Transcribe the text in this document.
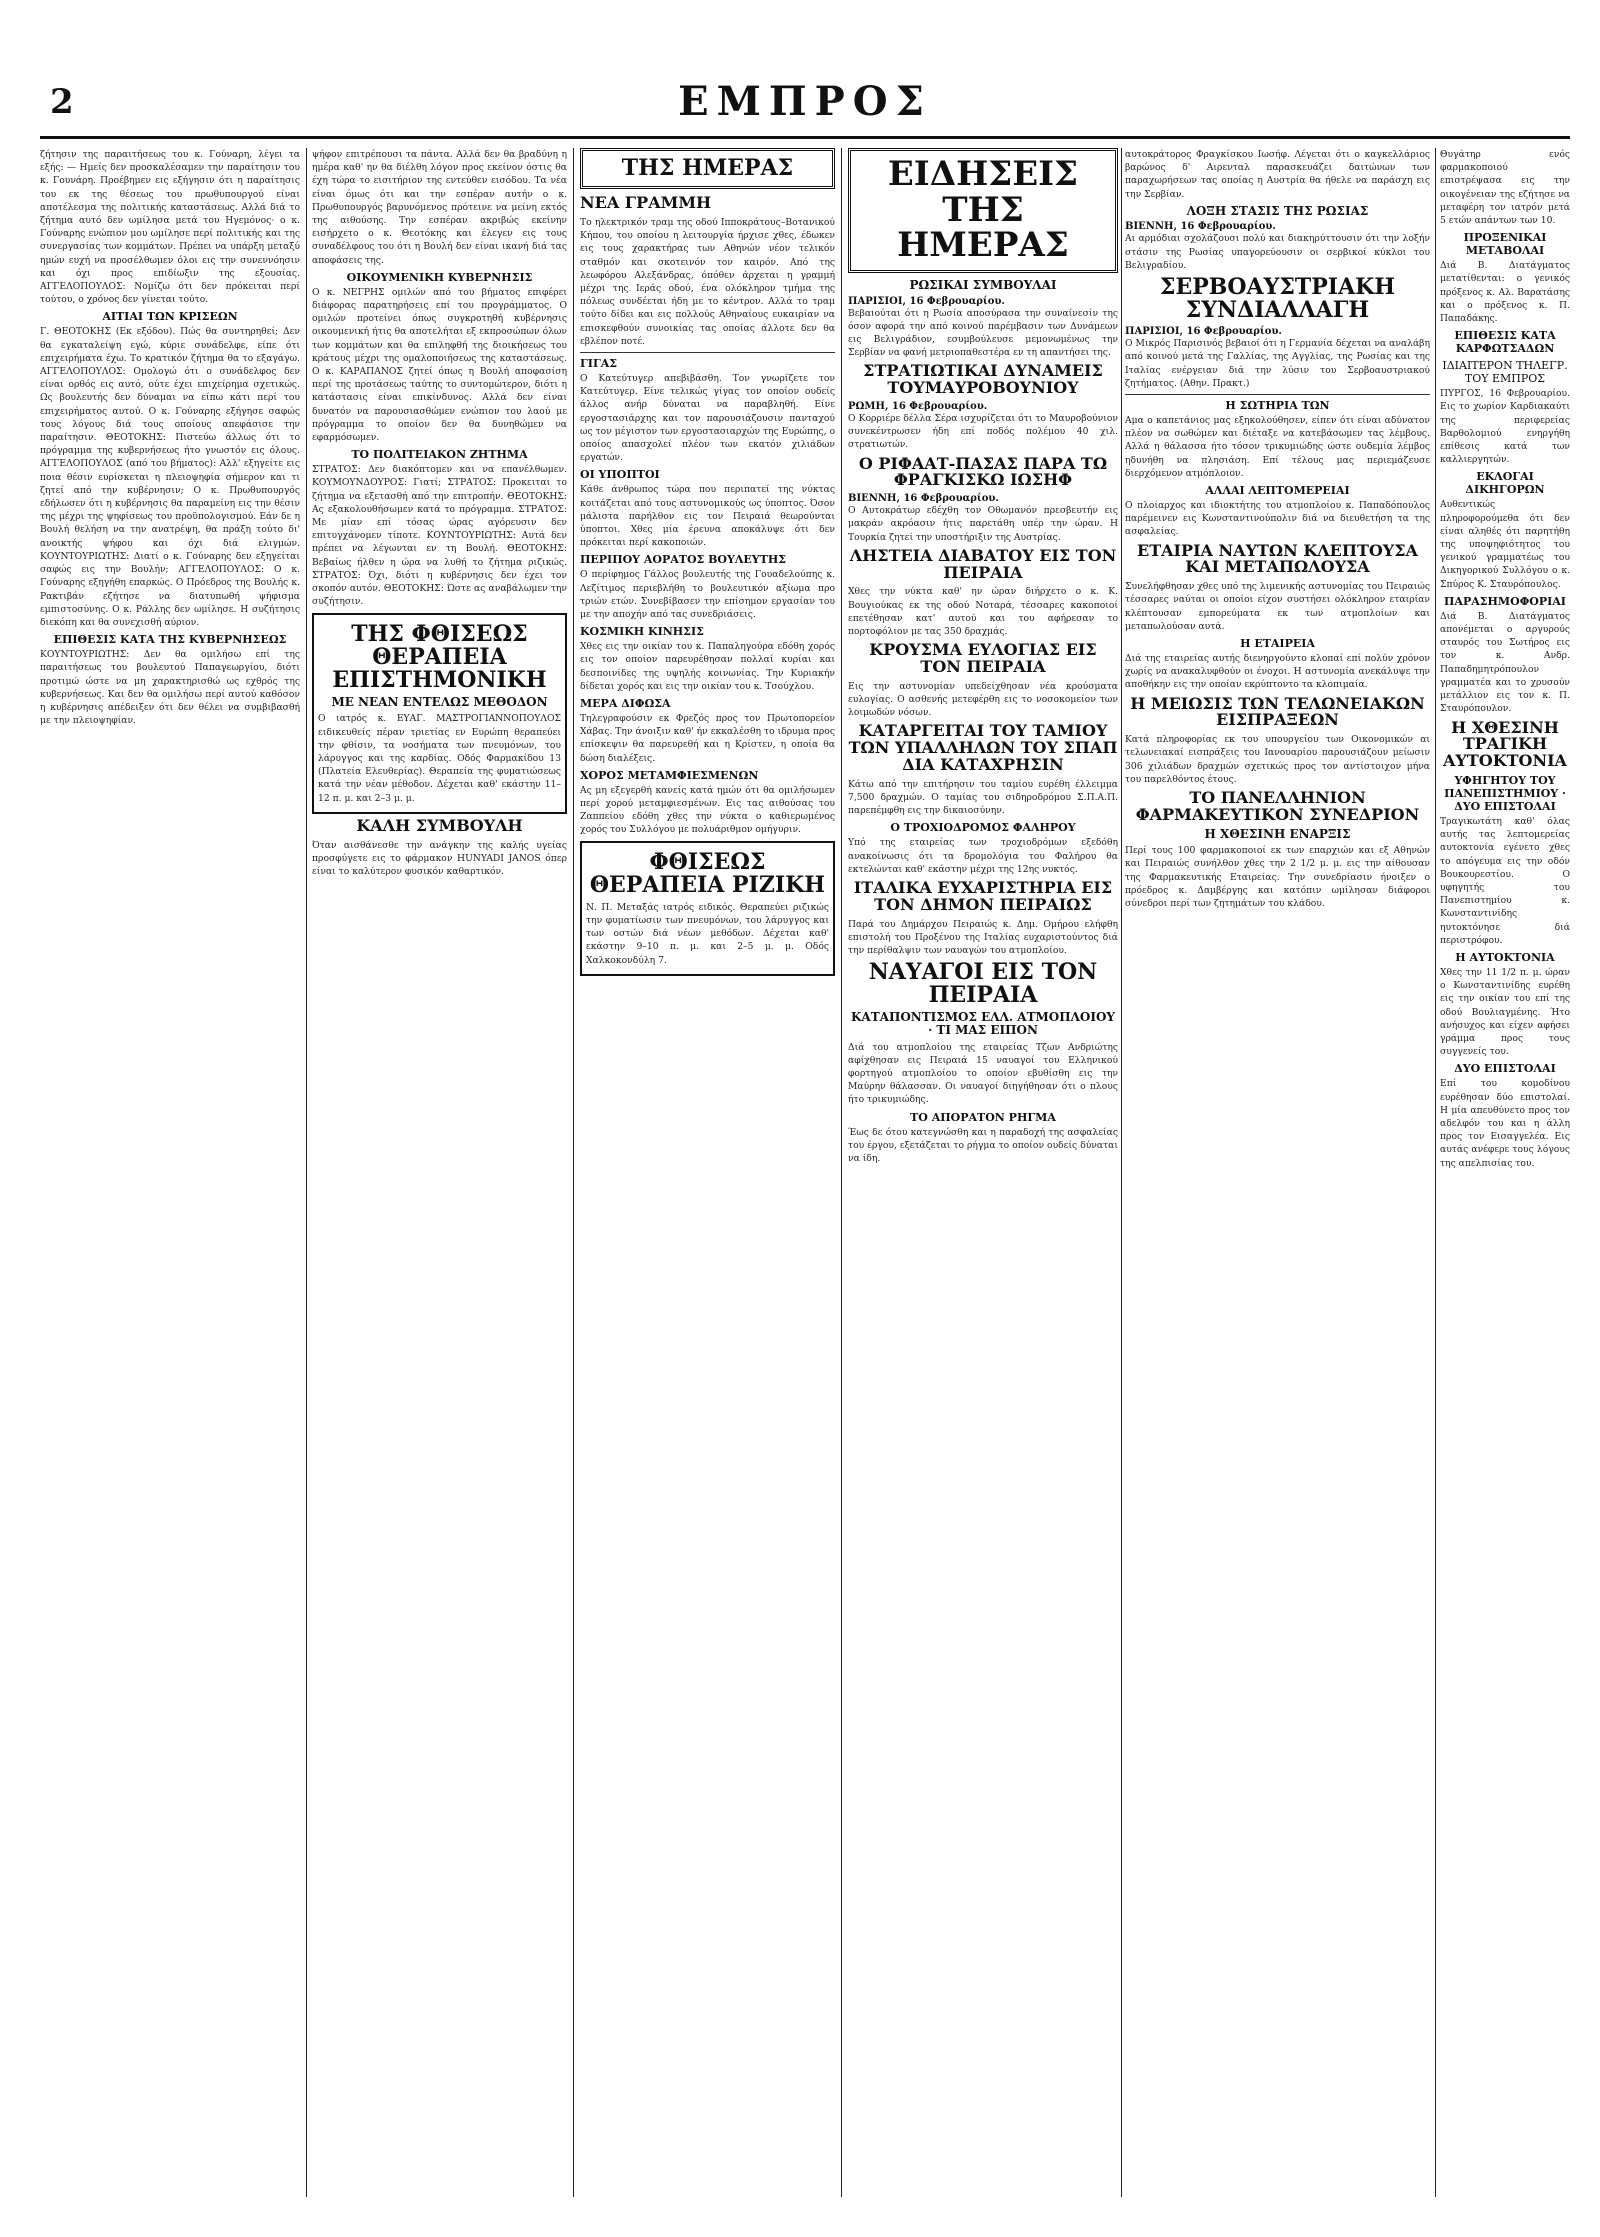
2	ΕΜΠΡΟΣ

ζήτησιν της παραιτήσεως του κ. Γούναρη, λέγει τα εξής: — Ημείς δεν προσκαλέσαμεν την παραίτησιν του κ. Γουνάρη. Προέβημεν εις εξήγησιν ότι η παραίτησις του εκ της θέσεως του πρωθυπουργού είναι αποτέλεσμα της πολιτικής καταστάσεως. Αλλά διά το ζήτημα αυτό δεν ωμίλησα μετά του Ηγεμόνος· ο κ. Γούναρης ενώπιον μου ωμίλησε περί πολιτικής και της συνεργασίας των κομμάτων. Πρέπει να υπάρξη μεταξύ ημών ευχή να προσέλθωμεν όλοι εις την συνεννόησιν και όχι προς επιδίωξιν της εξουσίας. ΑΓΓΕΛΟΠΟΥΛΟΣ: Νομίζω ότι δεν πρόκειται περί τούτου, ο χρόνος δεν γίνεται τούτο.

ΑΙΤΙΑΙ ΤΩΝ ΚΡΙΣΕΩΝ

Γ. ΘΕΟΤΟΚΗΣ (Εκ εξόδου). Πώς θα συντηρηθεί; Δεν θα εγκαταλείψη εγώ, κύριε συνάδελφε, είπε ότι επιχειρήματα έχω. Το κρατικόν ζήτημα θα το εξαγάγω. ΑΓΓΕΛΟΠΟΥΛΟΣ: Ομολογώ ότι ο συνάδελφος δεν είναι ορθός εις αυτό, ούτε έχει επιχείρημα σχετικώς. Ως βουλευτής δεν δύναμαι να είπω κάτι περί του επιχειρήματος αυτού. Ο κ. Γούναρης εξήγησε σαφώς τους λόγους διά τους οποίους απεφάσισε την παραίτησιν. ΘΕΟΤΟΚΗΣ: Πιστεύω άλλως ότι το πρόγραμμα της κυβερνήσεως ήτο γνωστόν εις όλους. ΑΓΓΕΛΟΠΟΥΛΟΣ (από του βήματος): Αλλ' εξηγείτε εις ποια θέσιν ευρίσκεται η πλειοψηφία σήμερον και τι ζητεί από την κυβέρνησιν; Ο κ. Πρωθυπουργός εδήλωσεν ότι η κυβέρνησις θα παραμείνη εις την θέσιν της μέχρι της ψηφίσεως του προϋπολογισμού. Εάν δε η Βουλή θελήση να την ανατρέψη, θα πράξη τούτο δι' ανοικτής ψήφου και όχι διά ελιγμών. ΚΟΥΝΤΟΥΡΙΩΤΗΣ: Διατί ο κ. Γούναρης δεν εξηγείται σαφώς εις την Βουλήν; ΑΓΓΕΛΟΠΟΥΛΟΣ: Ο κ. Γούναρης εξηγήθη επαρκώς. Ο Πρόεδρος της Βουλής κ. Ρακτιβάν εζήτησε να διατυπωθή ψήφισμα εμπιστοσύνης. Ο κ. Ράλλης δεν ωμίλησε. Η συζήτησις διεκόπη και θα συνεχισθή αύριον.

ΕΠΙΘΕΣΙΣ ΚΑΤΑ ΤΗΣ ΚΥΒΕΡΝΗΣΕΩΣ

ΚΟΥΝΤΟΥΡΙΩΤΗΣ: Δεν θα ομιλήσω επί της παραιτήσεως του βουλευτού Παπαγεωργίου, διότι προτιμώ ώστε να μη χαρακτηρισθώ ως εχθρός της κυβερνήσεως. Και δεν θα ομιλήσω περί αυτού καθόσον η κυβέρνησις απέδειξεν ότι δεν θέλει να συμβιβασθή με την πλειοψηφίαν.

ψήφον επιτρέπουσι τα πάντα. Αλλά δεν θα βραδύνη η ημέρα καθ' ην θα διέλθη λόγον προς εκείνον όστις θα έχη τώρα το εισιτήριον της εντεύθεν εισόδου. Τα νέα είναι όμως ότι και την εσπέραν αυτήν ο κ. Πρωθυπουργός βαρυνόμενος πρότεινε να μείνη εκτός της αιθούσης. Την εσπέραν ακριβώς εκείνην εισήρχετο ο κ. Θεοτόκης και έλεγεν εις τους συναδέλφους του ότι η Βουλή δεν είναι ικανή διά τας αποφάσεις της.

ΟΙΚΟΥΜΕΝΙΚΗ ΚΥΒΕΡΝΗΣΙΣ

Ο κ. ΝΕΓΡΗΣ ομιλών από του βήματος επιφέρει διάφορας παρατηρήσεις επί του προγράμματος. Ο ομιλών προτείνει όπως συγκροτηθή κυβέρνησις οικουμενική ήτις θα αποτελήται εξ εκπροσώπων όλων των κομμάτων και θα επιληφθή της διοικήσεως του κράτους μέχρι της ομαλοποιήσεως της καταστάσεως. Ο κ. ΚΑΡΑΠΑΝΟΣ ζητεί όπως η Βουλή αποφασίση περί της προτάσεως ταύτης το συντομώτερον, διότι η κατάστασις είναι επικίνδυνος. Αλλά δεν είναι δυνατόν να παρουσιασθώμεν ενώπιον του λαού με πρόγραμμα το οποίον δεν θα δυνηθώμεν να εφαρμόσωμεν.

ΤΟ ΠΟΛΙΤΕΙΑΚΟΝ ΖΗΤΗΜΑ

ΣΤΡΑΤΟΣ: Δεν διακόπτομεν και να επανέλθωμεν. ΚΟΥΜΟΥΝΔΟΥΡΟΣ: Γιατί; ΣΤΡΑΤΟΣ: Προκειται το ζήτημα να εξετασθή από την επιτροπήν. ΘΕΟΤΟΚΗΣ: Ας εξακολουθήσωμεν κατά το πρόγραμμα. ΣΤΡΑΤΟΣ: Με μίαν επί τόσας ώρας αγόρευσιν δεν επιτυγχάνομεν τίποτε. ΚΟΥΝΤΟΥΡΙΩΤΗΣ: Αυτά δεν πρέπει να λέγωνται εν τη Βουλή. ΘΕΟΤΟΚΗΣ: Βεβαίως ήλθεν η ώρα να λυθή το ζήτημα ριζικώς. ΣΤΡΑΤΟΣ: Όχι, διότι η κυβέρνησις δεν έχει τον σκοπόν αυτόν. ΘΕΟΤΟΚΗΣ: Ώστε ας αναβάλωμεν την συζήτησιν.

ΤΗΣ ΦΘΙΣΕΩΣ ΘΕΡΑΠΕΙΑ ΕΠΙΣΤΗΜΟΝΙΚΗ
ΜΕ ΝΕΑΝ ΕΝΤΕΛΩΣ ΜΕΘΟΔΟΝ

Ο ιατρός κ. ΕΥΑΓ. ΜΑΣΤΡΟΓΙΑΝΝΟΠΟΥΛΟΣ ειδικευθείς πέραν τριετίας εν Ευρώπη θεραπεύει την φθίσιν, τα νοσήματα των πνευμόνων, του λάρυγγος και της καρδίας. Οδός Φαρμακίδου 13 (Πλατεία Ελευθερίας). Θεραπεία της φυματιώσεως κατά την νέαν μέθοδον. Δέχεται καθ' εκάστην 11–12 π. μ. και 2–3 μ. μ.

ΚΑΛΗ ΣΥΜΒΟΥΛΗ

Όταν αισθάνεσθε την ανάγκην της καλής υγείας προσφύγετε εις το φάρμακον HUNYADI JANOS όπερ είναι το καλύτερον φυσικόν καθαρτικόν.

ΤΗΣ ΗΜΕΡΑΣ
ΝΕΑ ΓΡΑΜΜΗ

Το ηλεκτρικόν τραμ της οδού Ιπποκράτους–Βοτανικού Κήπου, του οποίου η λειτουργία ήρχισε χθες, έδωκεν εις τους χαρακτήρας των Αθηνών νέον τελικόν σταθμόν και σκοτεινόν τον καιρόν. Από της λεωφόρου Αλεξάνδρας, όπόθεν άρχεται η γραμμή μέχρι της Ιεράς οδού, ένα ολόκληρον τμήμα της πόλεως συνδέεται ήδη με το κέντρον. Αλλά το τραμ τούτο δίδει και εις πολλούς Αθηναίους ευκαιρίαν να επισκεφθούν συνοικίας τας οποίας άλλοτε δεν θα εβλέπον ποτέ.

ΓΙΓΑΣ

Ο Κατεύτυγερ απεβιβάσθη. Τον γνωρίζετε τον Κατεύτυγερ. Είνε τελικώς γίγας τον οποίον ουδείς άλλος ανήρ δύναται να παραβληθή. Είνε εργοστασιάρχης και τον παρουσιάζουσιν πανταχού ως τον μέγιστον των εργοστασιαρχών της Ευρώπης, ο οποίος απασχολεί πλέον των εκατόν χιλιάδων εργατών.

ΟΙ ΥΠΟΠΤΟΙ

Κάθε άνθρωπος τώρα που περιπατεί της νύκτας κοιτάζεται από τους αστυνομικούς ως ύποπτος. Όσον μάλιστα παρήλθον εις τον Πειραιά θεωρούνται ύποπτοι. Χθες μία έρευνα αποκάλυψε ότι δεν πρόκειται περί κακοποιών.

ΠΕΡΙΠΟΥ ΑΟΡΑΤΟΣ ΒΟΥΛΕΥΤΗΣ

Ο περίφημος Γάλλος βουλευτής της Γουαδελούπης κ. Λεζίτιμος περιεβλήθη το βουλευτικόν αξίωμα προ τριών ετών. Συνεβίβασεν την επίσημον εργασίαν του με την αποχήν από τας συνεδριάσεις.

ΚΟΣΜΙΚΗ ΚΙΝΗΣΙΣ

Χθες εις την οικίαν του κ. Παπαληγούρα εδόθη χορός εις τον οποίον παρευρέθησαν πολλαί κυρίαι και δεσποινίδες της υψηλής κοινωνίας. Την Κυριακήν δίδεται χορός και εις την οικίαν του κ. Τσούχλου.

ΜΕΡΑ ΔΙΦΩΣΑ

Τηλεγραφούσιν εκ Φρεζός προς τον Πρωτοπορείον Χάβας. Την άνοιξιν καθ' ήν εκκαλέσθη το ιδρυμα προς επίσκεψιν θα παρευρεθή και η Κρίστεν, η οποία θα δώση διαλέξεις.

ΧΟΡΟΣ ΜΕΤΑΜΦΙΕΣΜΕΝΩΝ

Ας μη εξεγερθή κανείς κατά ημών ότι θα ομιλήσωμεν περί χορού μεταμφιεσμένων. Εις τας αιθούσας του Ζαππείου εδόθη χθες την νύκτα ο καθιερωμένος χορός του Συλλόγου με πολυάριθμον ομήγυριν.

ΦΘΙΣΕΩΣ ΘΕΡΑΠΕΙΑ ΡΙΖΙΚΗ

Ν. Π. Μεταξάς ιατρός ειδικός. Θεραπεύει ριζικώς την φυματίωσιν των πνευμόνων, του λάρυγγος και των οστών διά νέων μεθόδων. Δέχεται καθ' εκάστην 9–10 π. μ. και 2–5 μ. μ. Οδός Χαλκοκονδύλη 7.

ΕΙΔΗΣΕΙΣ ΤΗΣ ΗΜΕΡΑΣ
ΡΩΣΙΚΑΙ ΣΥΜΒΟΥΛΑΙ
ΠΑΡΙΣΙΟΙ, 16 Φεβρουαρίου.

Βεβαιούται ότι η Ρωσία αποσύρασα την συναίνεσίν της όσον αφορά την από κοινού παρέμβασιν των Δυνάμεων εις Βελιγράδιον, εσυμβούλευσε μεμονωμένως την Σερβίαν να φανή μετριοπαθεστέρα εν τη απαντήσει της.

ΣΤΡΑΤΙΩΤΙΚΑΙ ΔΥΝΑΜΕΙΣ ΤΟΥΜΑΥΡΟΒΟΥΝΙΟΥ
ΡΩΜΗ, 16 Φεβρουαρίου.

Ο Κορριέρε δέλλα Σέρα ισχυρίζεται ότι το Μαυροβούνιον συνεκέντρωσεν ήδη επί ποδός πολέμου 40 χιλ. στρατιωτών.

Ο ΡΙΦΑΑΤ-ΠΑΣΑΣ ΠΑΡΑ ΤΩ ΦΡΑΓΚΙΣΚΩ ΙΩΣΗΦ
ΒΙΕΝΝΗ, 16 Φεβρουαρίου.

Ο Αυτοκράτωρ εδέχθη τον Οθωμανόν πρεσβευτήν εις μακράν ακρόασιν ήτις παρετάθη υπέρ την ώραν. Η Τουρκία ζητεί την υποστήριξιν της Αυστρίας.

ΛΗΣΤΕΙΑ ΔΙΑΒΑΤΟΥ ΕΙΣ ΤΟΝ ΠΕΙΡΑΙΑ

Χθες την νύκτα καθ' ην ώραν διήρχετο ο κ. Κ. Βουγιούκας εκ της οδού Νοταρά, τέσσαρες κακοποιοί επετέθησαν κατ' αυτού και του αφήρεσαν το πορτοφόλιον με τας 350 δραχμάς.

ΚΡΟΥΣΜΑ ΕΥΛΟΓΙΑΣ ΕΙΣ ΤΟΝ ΠΕΙΡΑΙΑ

Εις την αστυνομίαν υπεδείχθησαν νέα κρούσματα ευλογίας. Ο ασθενής μετεφέρθη εις το νοσοκομείον των λοιμωδών νόσων.

ΚΑΤΑΡΓΕΙΤΑΙ ΤΟΥ ΤΑΜΙΟΥ ΤΩΝ ΥΠΑΛΛΗΛΩΝ ΤΟΥ ΣΠΑΠ ΔΙΑ ΚΑΤΑΧΡΗΣΙΝ

Κάτω από την επιτήρησιν του ταμίου ευρέθη έλλειμμα 7,500 δραχμών. Ο ταμίας του σιδηροδρόμου Σ.Π.Α.Π. παρεπέμφθη εις την δικαιοσύνην.

Ο ΤΡΟΧΙΟΔΡΟΜΟΣ ΦΑΛΗΡΟΥ

Υπό της εταιρείας των τροχιοδρόμων εξεδόθη ανακοίνωσις ότι τα δρομολόγια του Φαλήρου θα εκτελώνται καθ' εκάστην μέχρι της 12ης νυκτός.

ΙΤΑΛΙΚΑ ΕΥΧΑΡΙΣΤΗΡΙΑ ΕΙΣ ΤΟΝ ΔΗΜΟΝ ΠΕΙΡΑΙΩΣ

Παρά του Δημάρχου Πειραιώς κ. Δημ. Ομήρου ελήφθη επιστολή του Προξένου της Ιταλίας ευχαριστούντος διά την περίθαλψιν των ναυαγών του ατμοπλοίου.

ΝΑΥΑΓΟΙ ΕΙΣ ΤΟΝ ΠΕΙΡΑΙΑ
ΚΑΤΑΠΟΝΤΙΣΜΟΣ ΕΛΛ. ΑΤΜΟΠΛΟΙΟΥ · ΤΙ ΜΑΣ ΕΙΠΟΝ

Διά του ατμοπλοίου της εταιρείας Τζων Ανδριώτης αφίχθησαν εις Πειραιά 15 ναυαγοί του Ελληνικού φορτηγού ατμοπλοίου το οποίον εβυθίσθη εις την Μαύρην θάλασσαν. Οι ναυαγοί διηγήθησαν ότι ο πλους ήτο τρικυμιώδης.

ΤΟ ΑΠΟΡΑΤΟΝ ΡΗΓΜΑ

Έως δε ότου κατεγνώσθη και η παραδοχή της ασφαλείας του έργου, εξετάζεται το ρήγμα το οποίον ουδείς δύναται να ίδη.

αυτοκράτορος Φραγκίσκου Ιωσήφ. Λέγεται ότι ο καγκελλάριος βαρώνος δ' Αιρενταλ παρασκευάζει δαιτώνων των παραχωρήσεων τας οποίας η Αυστρία θα ήθελε να παράσχη εις την Σερβίαν.

ΛΟΞΗ ΣΤΑΣΙΣ ΤΗΣ ΡΩΣΙΑΣ
ΒΙΕΝΝΗ, 16 Φεβρουαρίου.

Αι αρμόδιαι σχολάζουσι πολύ και διακηρύττουσιν ότι την λοξήν στάσιν της Ρωσίας υπαγορεύουσιν οι σερβικοί κύκλοι του Βελιγραδίου.

ΣΕΡΒΟΑΥΣΤΡΙΑΚΗ ΣΥΝΔΙΑΛΛΑΓΗ
ΠΑΡΙΣΙΟΙ, 16 Φεβρουαρίου.

Ο Μικρός Παρισινός βεβαιοί ότι η Γερμανία δέχεται να αναλάβη από κοινού μετά της Γαλλίας, της Αγγλίας, της Ρωσίας και της Ιταλίας ενέργειαν διά την λύσιν του Σερβοαυστριακού ζητήματος. (Αθην. Πρακτ.)

Η ΣΩΤΗΡΙΑ ΤΩΝ

Αμα ο καπετάνιος μας εξηκολούθησεν, είπεν ότι είναι αδύνατον πλέον να σωθώμεν και διέταξε να κατεβάσωμεν τας λέμβους. Αλλά η θάλασσα ήτο τόσον τρικυμιώδης ώστε ουδεμία λέμβος ηδυνήθη να πλησιάση. Επί τέλους μας περιεμάζευσε διερχόμενον ατμόπλοιον.

ΑΛΛΑΙ ΛΕΠΤΟΜΕΡΕΙΑΙ

Ο πλοίαρχος και ιδιοκτήτης του ατμοπλοίου κ. Παπαδόπουλος παρέμεινεν εις Κωνσταντινούπολιν διά να διευθετήση τα της ασφαλείας.

ΕΤΑΙΡΙΑ ΝΑΥΤΩΝ ΚΛΕΠΤΟΥΣΑ ΚΑΙ ΜΕΤΑΠΩΛΟΥΣΑ

Συνελήφθησαν χθες υπό της λιμενικής αστυνομίας του Πειραιώς τέσσαρες ναύται οι οποίοι είχον συστήσει ολόκληρον εταιρίαν κλέπτουσαν εμπορεύματα εκ των ατμοπλοίων και μεταπωλούσαν αυτά.

Η ΕΤΑΙΡΕΙΑ

Διά της εταιρείας αυτής διενηργούντο κλοπαί επί πολύν χρόνον χωρίς να ανακαλυφθούν οι ένοχοι. Η αστυνομία ανεκάλυψε την αποθήκην εις την οποίαν εκρύπτοντο τα κλοπιμαία.

Η ΜΕΙΩΣΙΣ ΤΩΝ ΤΕΛΩΝΕΙΑΚΩΝ ΕΙΣΠΡΑΞΕΩΝ

Κατά πληροφορίας εκ του υπουργείου των Οικονομικών αι τελωνειακαί εισπράξεις του Ιανουαρίου παρουσιάζουν μείωσιν 306 χιλιάδων δραχμών σχετικώς προς τον αντίστοιχον μήνα του παρελθόντος έτους.

ΤΟ ΠΑΝΕΛΛΗΝΙΟΝ ΦΑΡΜΑΚΕΥΤΙΚΟΝ ΣΥΝΕΔΡΙΟΝ
Η ΧΘΕΣΙΝΗ ΕΝΑΡΞΙΣ

Περί τους 100 φαρμακοποιοί εκ των επαρχιών και εξ Αθηνών και Πειραιώς συνήλθον χθες την 2 1/2 μ. μ. εις την αίθουσαν της Φαρμακευτικής Εταιρείας. Την συνεδρίασιν ήνοιξεν ο πρόεδρος κ. Δαμβέργης και κατόπιν ωμίλησαν διάφοροι σύνεδροι περί των ζητημάτων του κλάδου.

Θυγάτηρ ενός φαρμακοποιού επιστρέψασα εις την οικογένειαν της εζήτησε να μεταφέρη τον ιατρόν μετά 5 ετών απάντων των 10.

ΠΡΟΞΕΝΙΚΑΙ ΜΕΤΑΒΟΛΑΙ

Διά Β. Διατάγματος μετατίθενται: ο γενικός πρόξενος κ. Αλ. Βαρατάσης και ο πρόξενος κ. Π. Παπαδάκης.

ΕΠΙΘΕΣΙΣ ΚΑΤΑ ΚΑΡΦΩΤΣΑΔΩΝ
ΙΔΙΑΙΤΕΡΟΝ ΤΗΛΕΓΡ. ΤΟΥ ΕΜΠΡΟΣ

ΠΥΡΓΟΣ, 16 Φεβρουαρίου. Εις το χωρίον Καρδιακαύτι της περιφερείας Βαρθολομιού ενηργήθη επίθεσις κατά των καλλιεργητών.

ΕΚΛΟΓΑΙ ΔΙΚΗΓΟΡΩΝ

Αυθεντικώς πληροφορούμεθα ότι δεν είναι αληθές ότι παρητήθη της υποψηφιότητος του γενικού γραμματέως του Δικηγορικού Συλλόγου ο κ. Σπύρος Κ. Σταυρόπουλος.

ΠΑΡΑΣΗΜΟΦΟΡΙΑΙ

Διά Β. Διατάγματος απονέμεται ο αργυρούς σταυρός του Σωτήρος εις τον κ. Ανδρ. Παπαδημητρόπουλον γραμματέα και το χρυσούν μετάλλιον εις τον κ. Π. Σταυρόπουλον.

Η ΧΘΕΣΙΝΗ ΤΡΑΓΙΚΗ ΑΥΤΟΚΤΟΝΙΑ
ΥΦΗΓΗΤΟΥ ΤΟΥ ΠΑΝΕΠΙΣΤΗΜΙΟΥ · ΔΥΟ ΕΠΙΣΤΟΛΑΙ

Τραγικωτάτη καθ' όλας αυτής τας λεπτομερείας αυτοκτονία εγένετο χθες το απόγευμα εις την οδόν Βουκουρεστίου. Ο υφηγητής του Πανεπιστημίου κ. Κωνσταντινίδης ηυτοκτόνησε διά περιστρόφου.

Η ΑΥΤΟΚΤΟΝΙΑ

Χθες την 11 1/2 π. μ. ώραν ο Κωνσταντινίδης ευρέθη εις την οικίαν του επί της οδού Βουλιαγμένης. Ήτο ανήσυχος και είχεν αφήσει γράμμα προς τους συγγενείς του.

ΔΥΟ ΕΠΙΣΤΟΛΑΙ

Επί του κομοδίνου ευρέθησαν δύο επιστολαί. Η μία απευθύνετο προς τον αδελφόν του και η άλλη προς τον Εισαγγελέα. Εις αυτάς ανέφερε τους λόγους της απελπισίας του.
